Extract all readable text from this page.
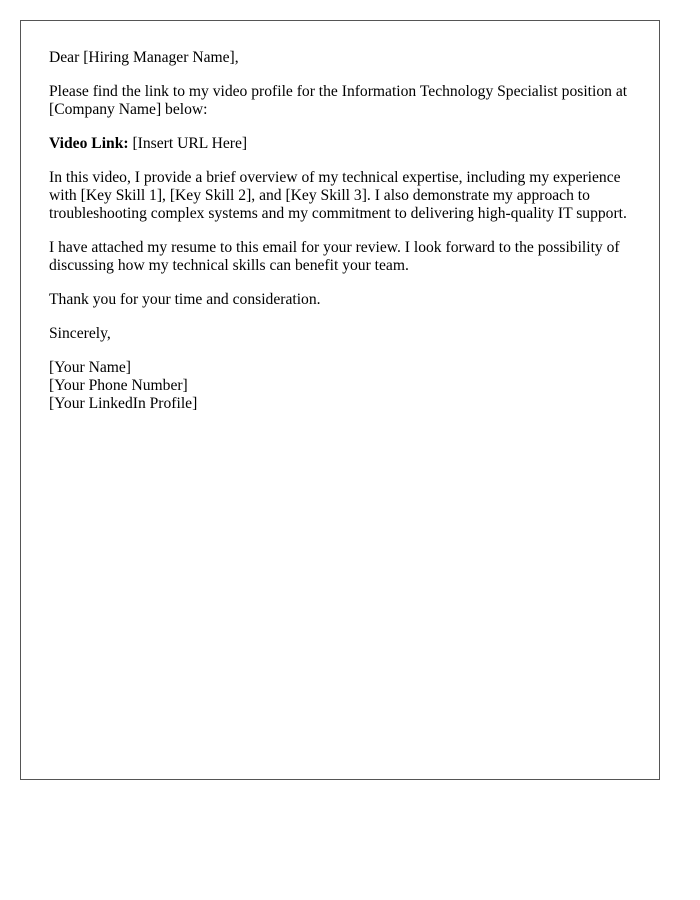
Dear [Hiring Manager Name],

Please find the link to my video profile for the Information Technology Specialist position at [Company Name] below:

Video Link: [Insert URL Here]

In this video, I provide a brief overview of my technical expertise, including my experience with [Key Skill 1], [Key Skill 2], and [Key Skill 3]. I also demonstrate my approach to troubleshooting complex systems and my commitment to delivering high-quality IT support.

I have attached my resume to this email for your review. I look forward to the possibility of discussing how my technical skills can benefit your team.

Thank you for your time and consideration.

Sincerely,

[Your Name]
[Your Phone Number]
[Your LinkedIn Profile]
